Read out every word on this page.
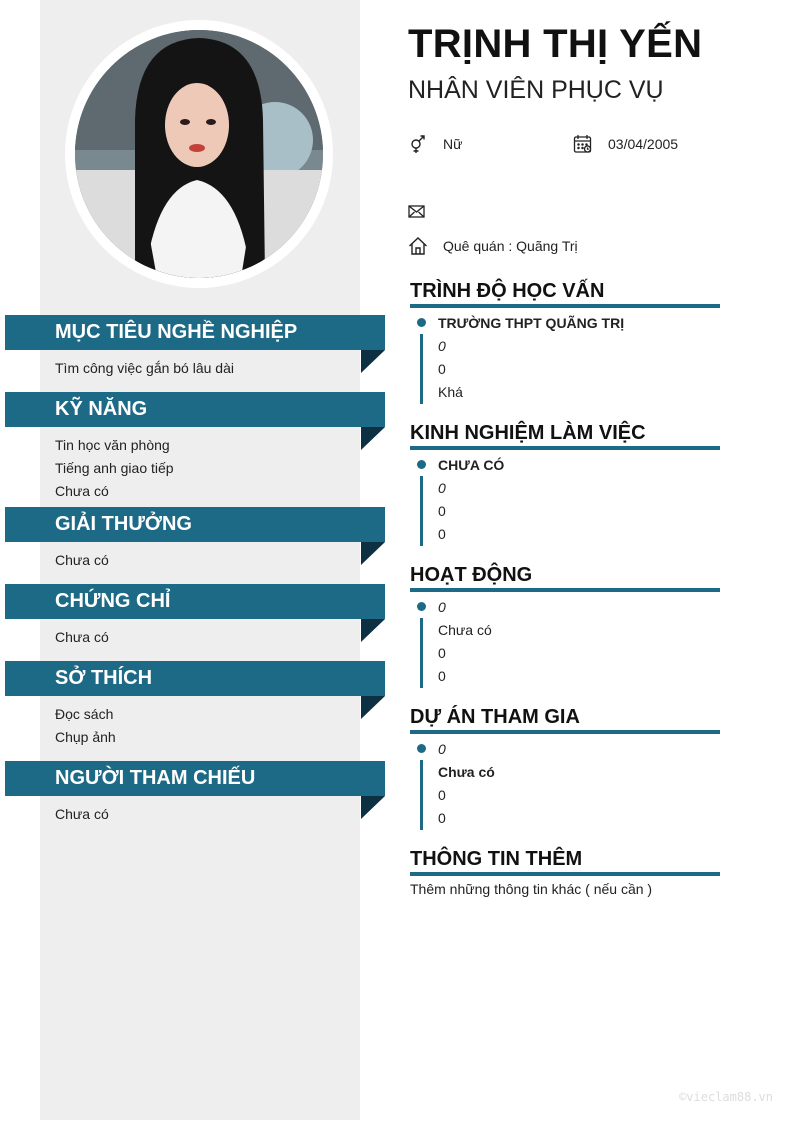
MỤC TIÊU NGHỀ NGHIỆP
Tìm công việc gắn bó lâu dài
KỸ NĂNG
Tin học văn phòng
Tiếng anh giao tiếp
Chưa có
GIẢI THƯỞNG
Chưa có
CHỨNG CHỈ
Chưa có
SỞ THÍCH
Đọc sách
Chụp ảnh
NGƯỜI THAM CHIẾU
Chưa có
TRỊNH THỊ YẾN
NHÂN VIÊN PHỤC VỤ
Nữ	03/04/2005
Quê quán : Quãng Trị
TRÌNH ĐỘ HỌC VẤN
TRƯỜNG THPT QUÃNG TRỊ
0
0
Khá
KINH NGHIỆM LÀM VIỆC
CHƯA CÓ
0
0
0
HOẠT ĐỘNG
0
Chưa có
0
0
DỰ ÁN THAM GIA
0
Chưa có
0
0
THÔNG TIN THÊM
Thêm những thông tin khác ( nếu cần )
©vieclam88.vn
